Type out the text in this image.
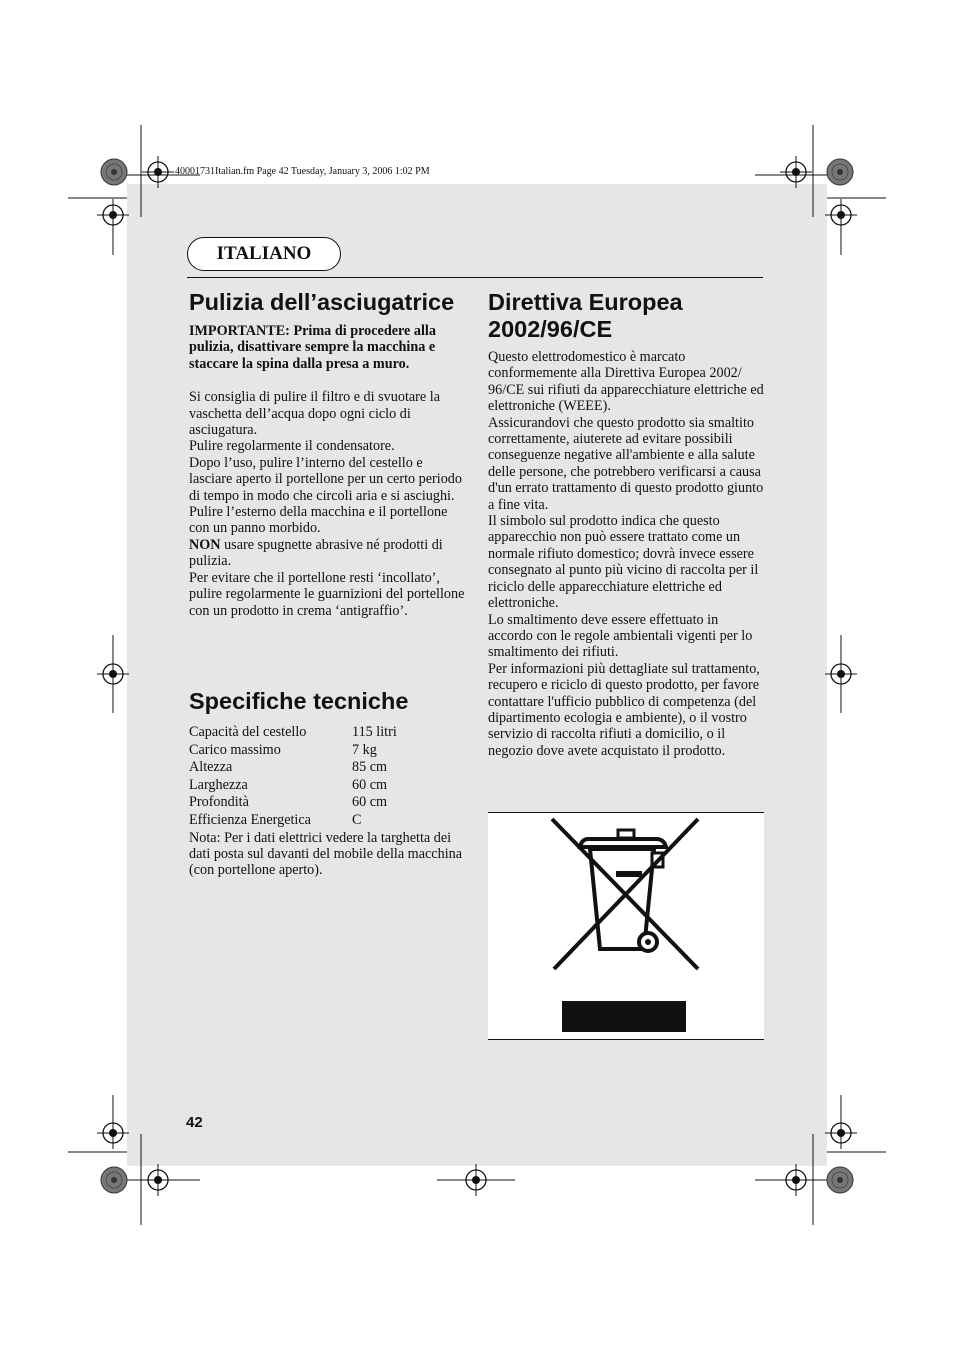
40001731Italian.fm Page 42 Tuesday, January 3, 2006 1:02 PM
ITALIANO
Pulizia dell’asciugatrice

IMPORTANTE: Prima di procedere alla pulizia, disattivare sempre la macchina e staccare la spina dalla presa a muro.

Si consiglia di pulire il filtro e di svuotare la vaschetta dell’acqua dopo ogni ciclo di asciugatura.

Pulire regolarmente il condensatore.

Dopo l’uso, pulire l’interno del cestello e lasciare aperto il portellone per un certo periodo di tempo in modo che circoli aria e si asciughi.

Pulire l’esterno della macchina e il portellone con un panno morbido.

NON usare spugnette abrasive né prodotti di pulizia.

Per evitare che il portellone resti ‘incollato’, pulire regolarmente le guarnizioni del portellone con un prodotto in crema ‘antigraffio’.

Specifiche tecniche
Capacità del cestello	115 litri
Carico massimo	7 kg
Altezza	85 cm
Larghezza	60 cm
Profondità	60 cm
Efficienza Energetica	C

Nota: Per i dati elettrici vedere la targhetta dei dati posta sul davanti del mobile della macchina (con portellone aperto).

Direttiva Europea
2002/96/CE

Questo elettrodomestico è marcato conformemente alla Direttiva Europea 2002/ 96/CE sui rifiuti da apparecchiature elettriche ed elettroniche (WEEE).

Assicurandovi che questo prodotto sia smaltito correttamente, aiuterete ad evitare possibili conseguenze negative all'ambiente e alla salute delle persone, che potrebbero verificarsi a causa d'un errato trattamento di questo prodotto giunto a fine vita.

Il simbolo sul prodotto indica che questo apparecchio non può essere trattato come un normale rifiuto domestico; dovrà invece essere consegnato al punto più vicino di raccolta per il riciclo delle apparecchiature elettriche ed elettroniche.

Lo smaltimento deve essere effettuato in accordo con le regole ambientali vigenti per lo smaltimento dei rifiuti.

Per informazioni più dettagliate sul trattamento, recupero e riciclo di questo prodotto, per favore contattare l'ufficio pubblico di competenza (del dipartimento ecologia e ambiente), o il vostro servizio di raccolta rifiuti a domicilio, o il negozio dove avete acquistato il prodotto.

42
